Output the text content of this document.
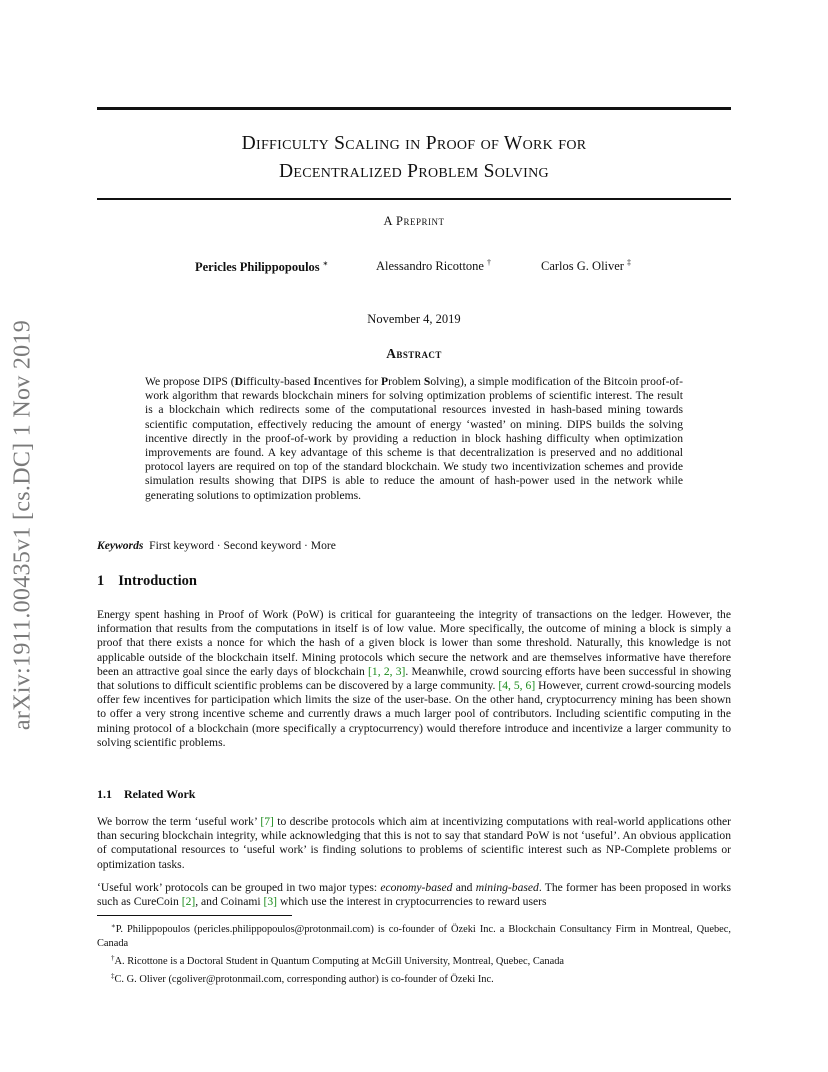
arXiv:1911.00435v1 [cs.DC] 1 Nov 2019
Difficulty Scaling in Proof of Work for
Decentralized Problem Solving
A Preprint
Pericles Philippopoulos ∗	Alessandro Ricottone †	Carlos G. Oliver ‡
November 4, 2019
Abstract

We propose DIPS (Difficulty-based Incentives for Problem Solving), a simple modification of the Bitcoin proof-of-work algorithm that rewards blockchain miners for solving optimization problems of scientific interest. The result is a blockchain which redirects some of the computational resources invested in hash-based mining towards scientific computation, effectively reducing the amount of energy ‘wasted’ on mining. DIPS builds the solving incentive directly in the proof-of-work by providing a reduction in block hashing difficulty when optimization improvements are found. A key advantage of this scheme is that decentralization is preserved and no additional protocol layers are required on top of the standard blockchain. We study two incentivization schemes and provide simulation results showing that DIPS is able to reduce the amount of hash-power used in the network while generating solutions to optimization problems.

Keywords First keyword · Second keyword · More
1 Introduction

Energy spent hashing in Proof of Work (PoW) is critical for guaranteeing the integrity of transactions on the ledger. However, the information that results from the computations in itself is of low value. More specifically, the outcome of mining a block is simply a proof that there exists a nonce for which the hash of a given block is lower than some threshold. Naturally, this knowledge is not applicable outside of the blockchain itself. Mining protocols which secure the network and are themselves informative have therefore been an attractive goal since the early days of blockchain [1, 2, 3]. Meanwhile, crowd sourcing efforts have been successful in showing that solutions to difficult scientific problems can be discovered by a large community. [4, 5, 6] However, current crowd-sourcing models offer few incentives for participation which limits the size of the user-base. On the other hand, cryptocurrency mining has been shown to offer a very strong incentive scheme and currently draws a much larger pool of contributors. Including scientific computing in the mining protocol of a blockchain (more specifically a cryptocurrency) would therefore introduce and incentivize a larger community to solving scientific problems.

1.1 Related Work

We borrow the term ‘useful work’ [7] to describe protocols which aim at incentivizing computations with real-world applications other than securing blockchain integrity, while acknowledging that this is not to say that standard PoW is not ‘useful’. An obvious application of computational resources to ‘useful work’ is finding solutions to problems of scientific interest such as NP-Complete problems or optimization tasks.

‘Useful work’ protocols can be grouped in two major types: economy-based and mining-based. The former has been proposed in works such as CureCoin [2], and Coinami [3] which use the interest in cryptocurrencies to reward users

∗P. Philippopoulos (pericles.philippopoulos@protonmail.com) is co-founder of Özeki Inc. a Blockchain Consultancy Firm in Montreal, Quebec, Canada

†A. Ricottone is a Doctoral Student in Quantum Computing at McGill University, Montreal, Quebec, Canada

‡C. G. Oliver (cgoliver@protonmail.com, corresponding author) is co-founder of Özeki Inc.
